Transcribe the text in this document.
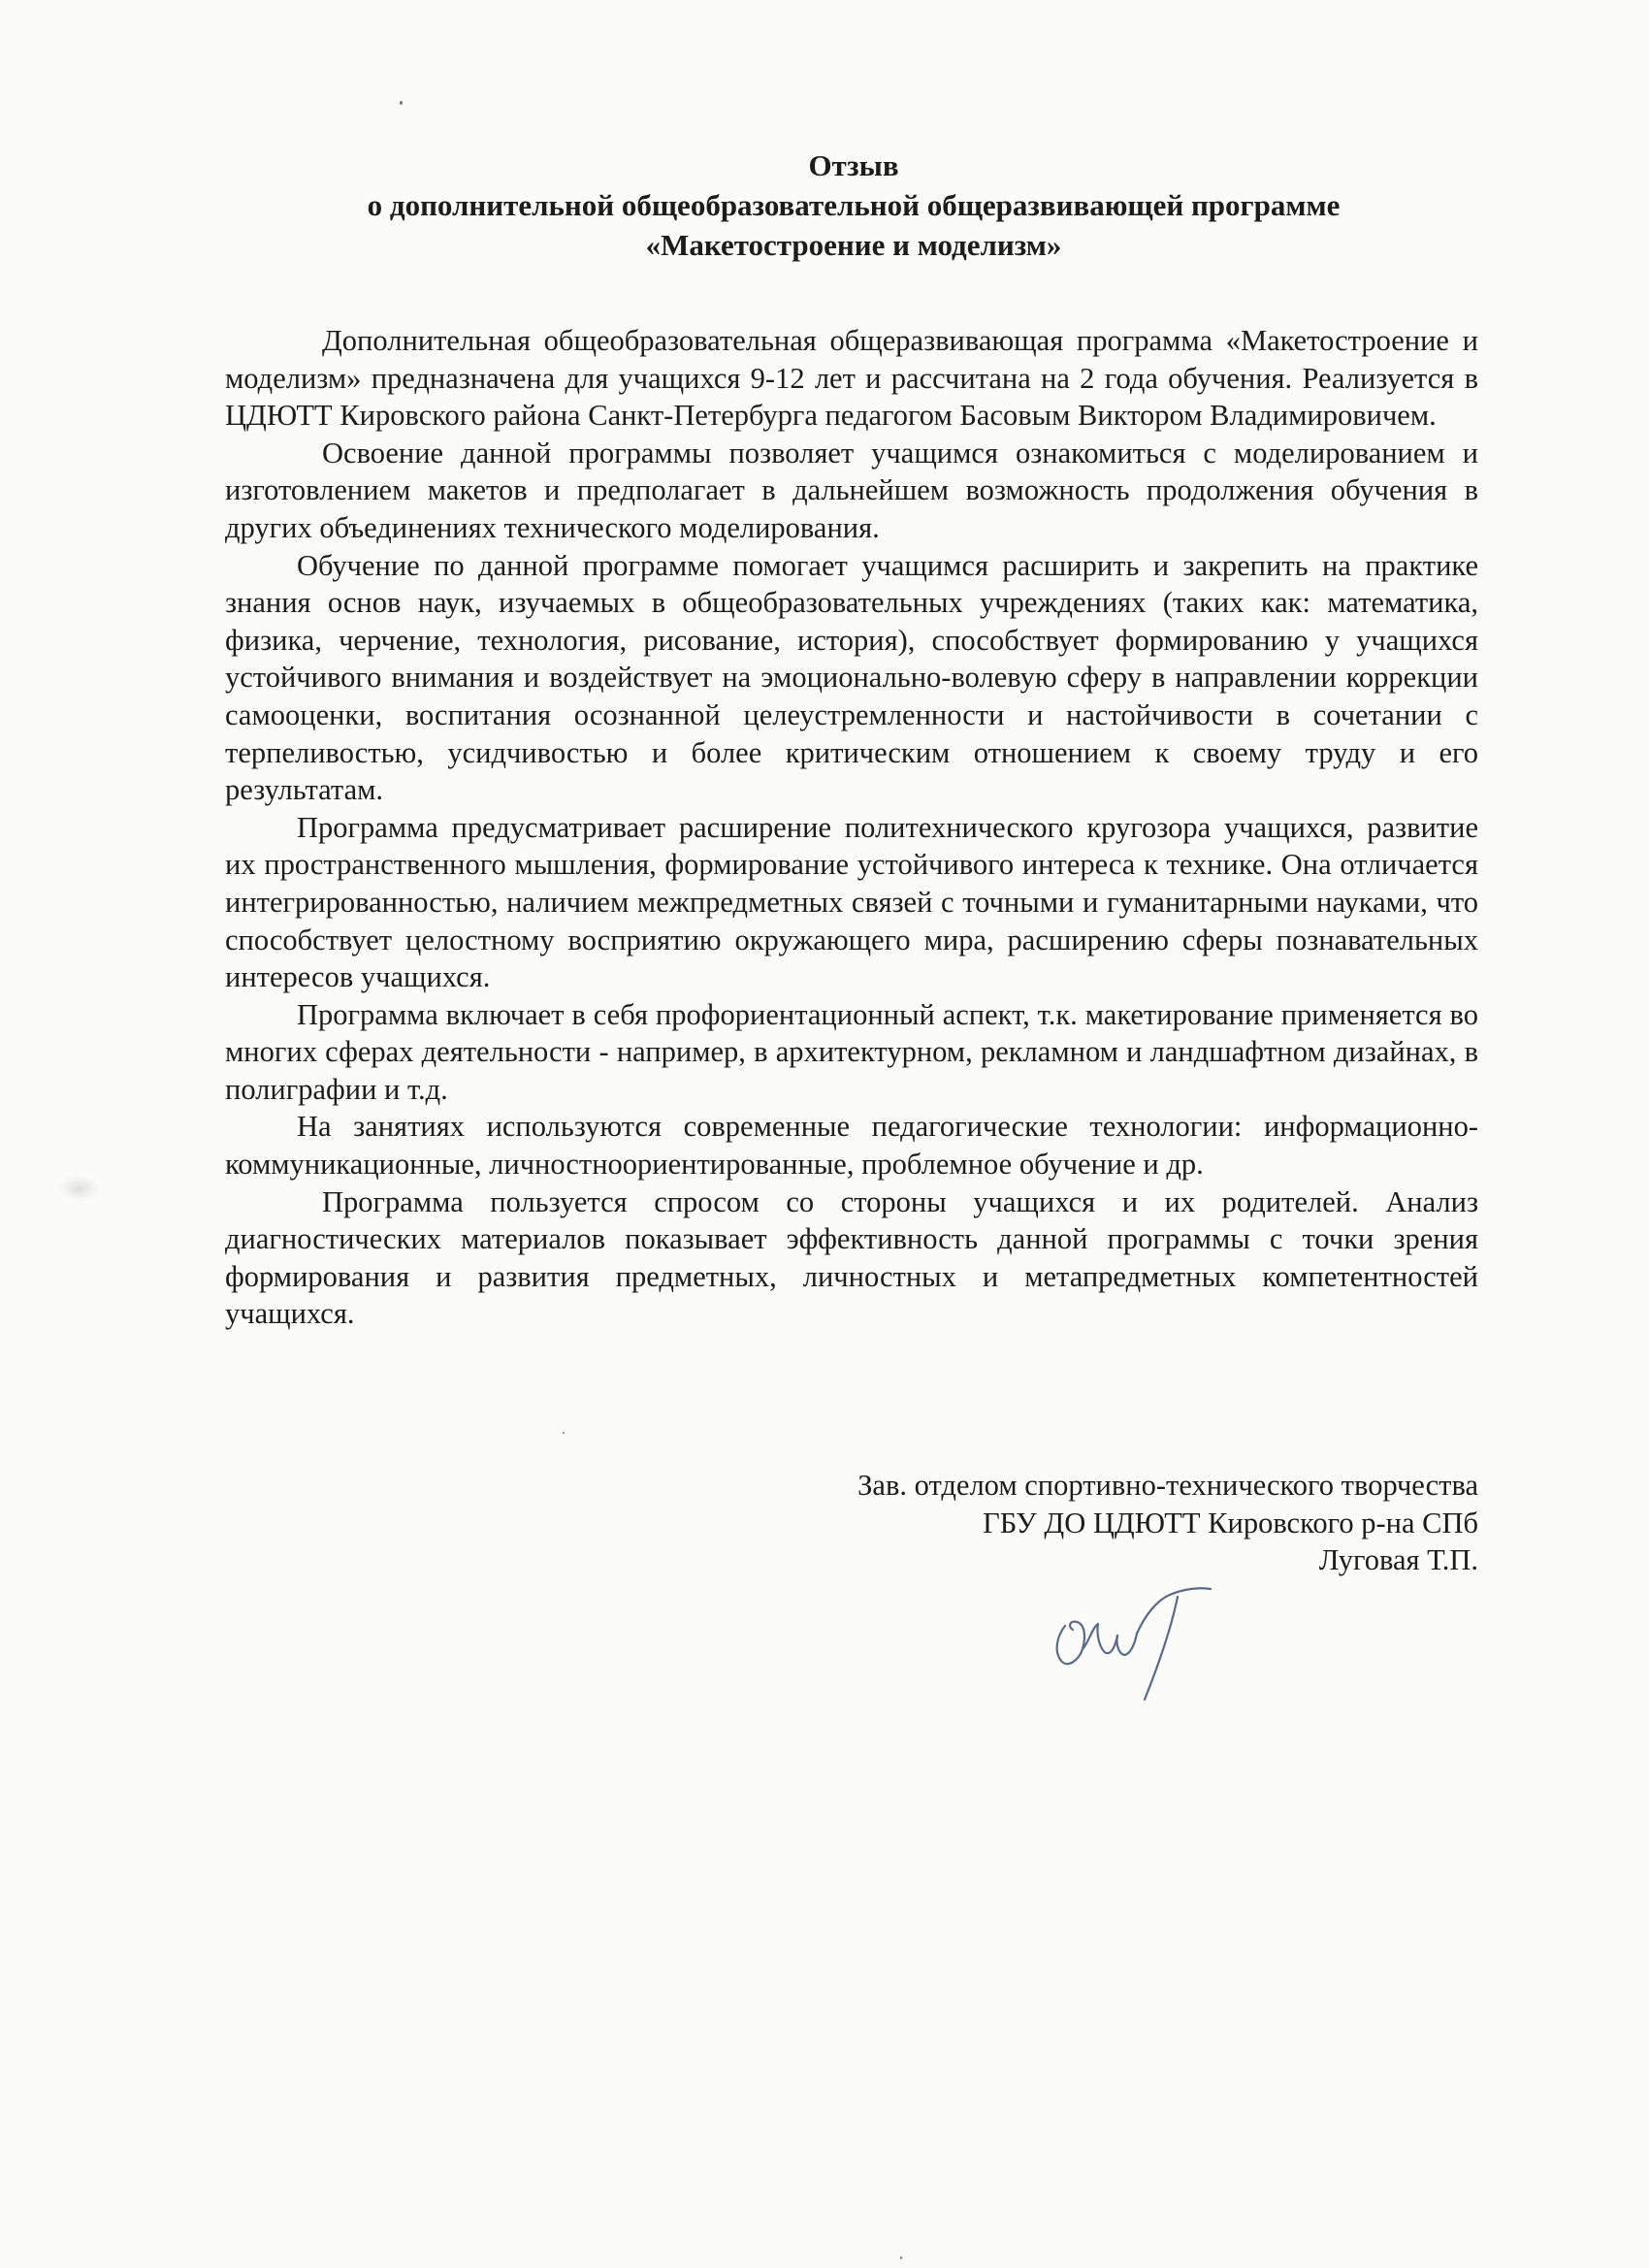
Отзыв
о дополнительной общеобразовательной общеразвивающей программе
«Макетостроение и моделизм»

Дополнительная общеобразовательная общеразвивающая программа «Макетостроение и моделизм» предназначена для учащихся 9-12 лет и рассчитана на 2 года обучения. Реализуется в ЦДЮТТ Кировского района Санкт-Петербурга педагогом Басовым Виктором Владимировичем.

Освоение данной программы позволяет учащимся ознакомиться с моделированием и изготовлением макетов и предполагает в дальнейшем возможность продолжения обучения в других объединениях технического моделирования.

Обучение по данной программе помогает учащимся расширить и закрепить на практике знания основ наук, изучаемых в общеобразовательных учреждениях (таких как: математика, физика, черчение, технология, рисование, история), способствует формированию у учащихся устойчивого внимания и воздействует на эмоционально-волевую сферу в направлении коррекции самооценки, воспитания осознанной целеустремленности и настойчивости в сочетании с терпеливостью, усидчивостью и более критическим отношением к своему труду и его результатам.

Программа предусматривает расширение политехнического кругозора учащихся, развитие их пространственного мышления, формирование устойчивого интереса к технике. Она отличается интегрированностью, наличием межпредметных связей с точными и гуманитарными науками, что способствует целостному восприятию окружающего мира, расширению сферы познавательных интересов учащихся.

Программа включает в себя профориентационный аспект, т.к. макетирование применяется во многих сферах деятельности - например, в архитектурном, рекламном и ландшафтном дизайнах, в полиграфии и т.д.

На занятиях используются современные педагогические технологии: информационно-коммуникационные, личностноориентированные, проблемное обучение и др.

Программа пользуется спросом со стороны учащихся и их родителей. Анализ диагностических материалов показывает эффективность данной программы с точки зрения формирования и развития предметных, личностных и метапредметных компетентностей учащихся.

Зав. отделом спортивно-технического творчества
ГБУ ДО ЦДЮТТ Кировского р-на СПб
Луговая Т.П.
